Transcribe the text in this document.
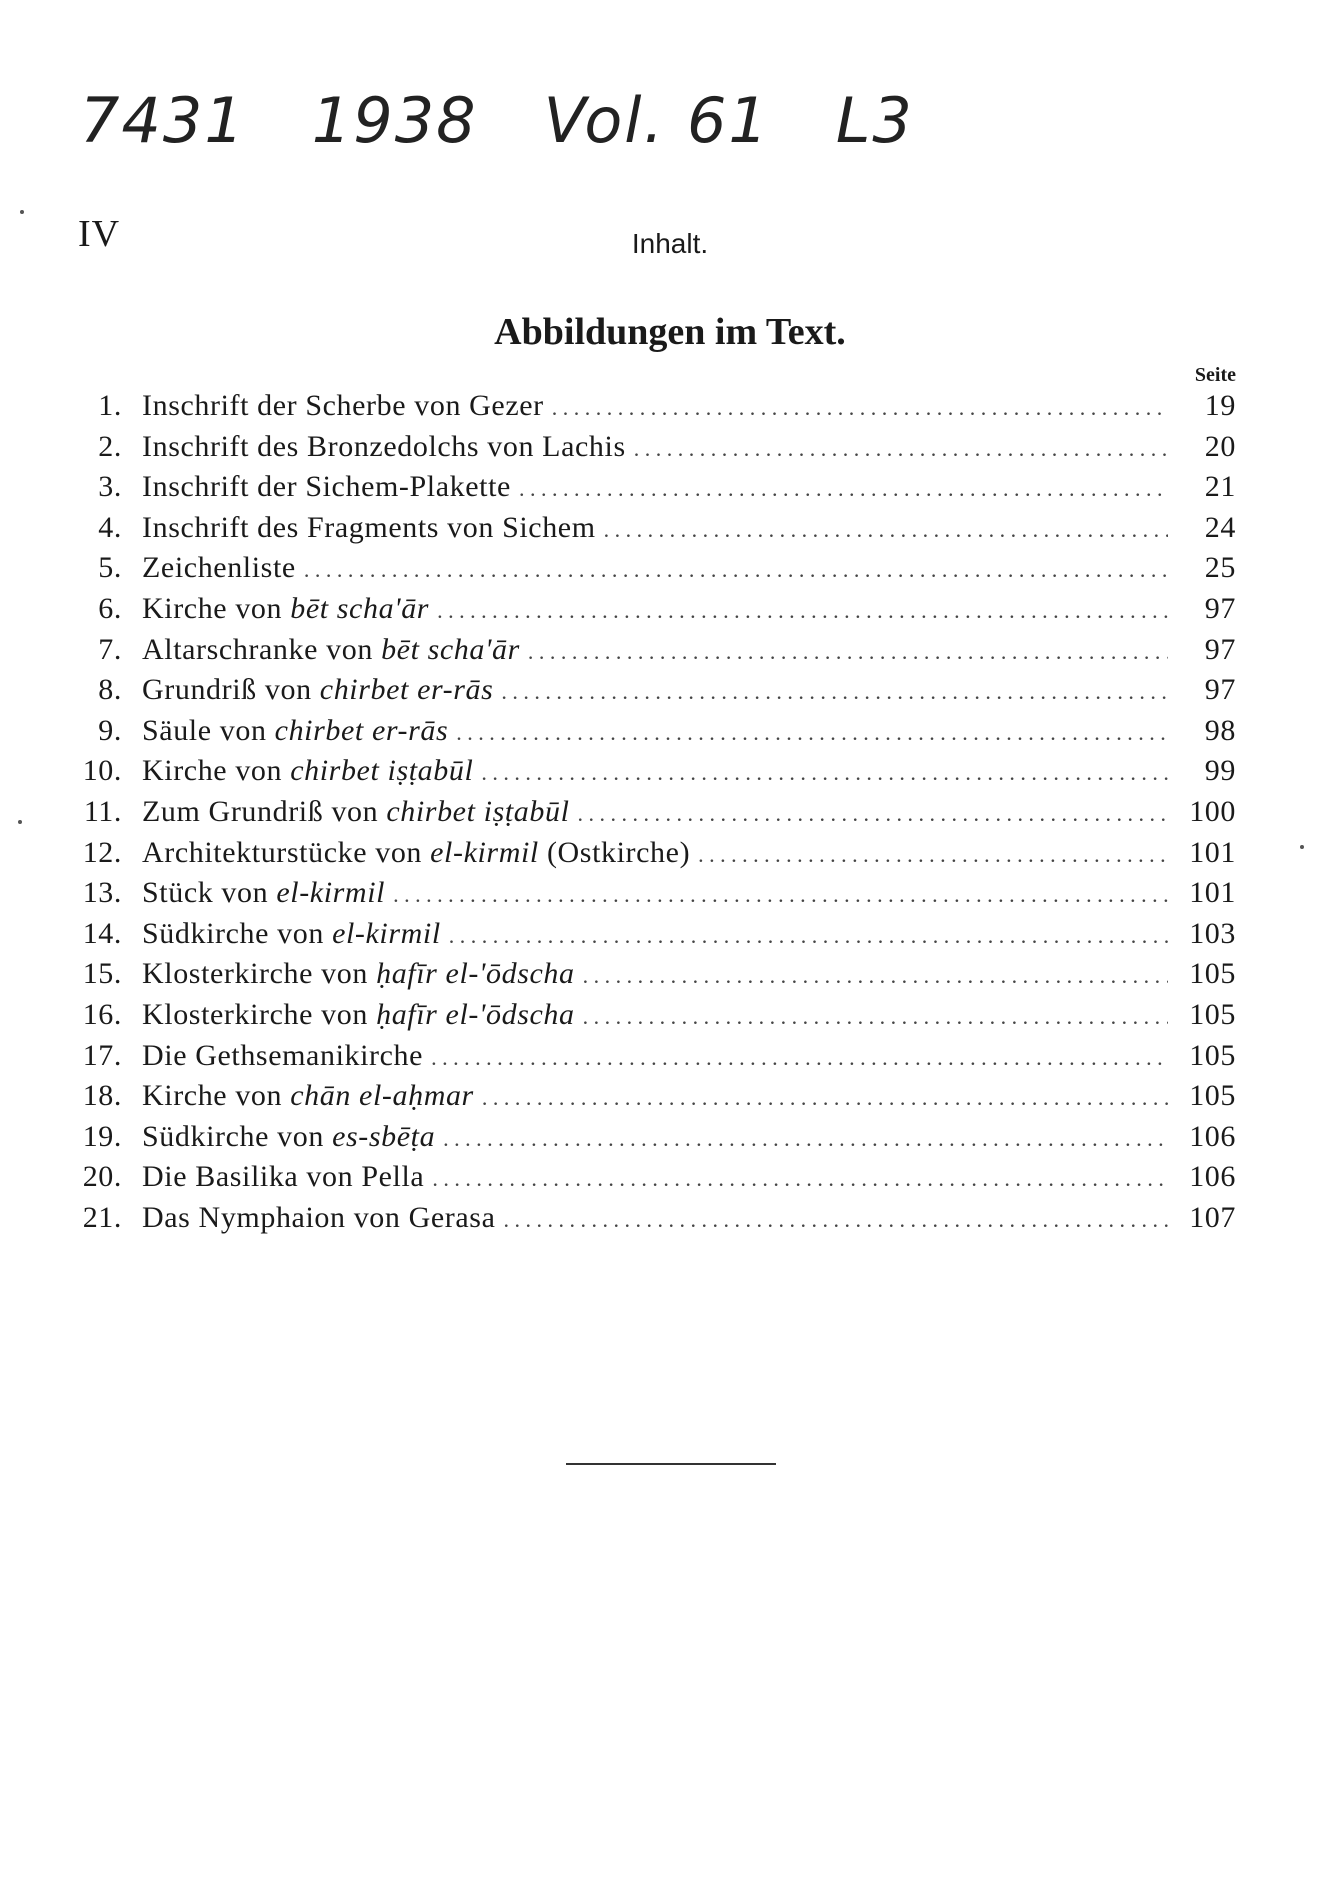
7431 1938 Vol. 61 L3
IV	Inhalt.
Abbildungen im Text.
Seite
1. Inschrift der Scherbe von Gezer . . .	19
2. Inschrift des Bronzedolchs von Lachis . . .	20
3. Inschrift der Sichem-Plakette . . .	21
4. Inschrift des Fragments von Sichem . . .	24
5. Zeichenliste . . .	25
6. Kirche von bēt scha'ār . . .	97
7. Altarschranke von bēt scha'ār . . .	97
8. Grundriß von chirbet er-rās . . .	97
9. Säule von chirbet er-rās . . .	98
10. Kirche von chirbet iṣṭabūl . . .	99
11. Zum Grundriß von chirbet iṣṭabūl . . .	100
12. Architekturstücke von el-kirmil (Ostkirche) . . .	101
13. Stück von el-kirmil . . .	101
14. Südkirche von el-kirmil . . .	103
15. Klosterkirche von ḥafīr el-'ōdscha . . .	105
16. Klosterkirche von ḥafīr el-'ōdscha . . .	105
17. Die Gethsemanikirche . . .	105
18. Kirche von chān el-aḥmar . . .	105
19. Südkirche von es-sbēṭa . . .	106
20. Die Basilika von Pella . . .	106
21. Das Nymphaion von Gerasa . . .	107
